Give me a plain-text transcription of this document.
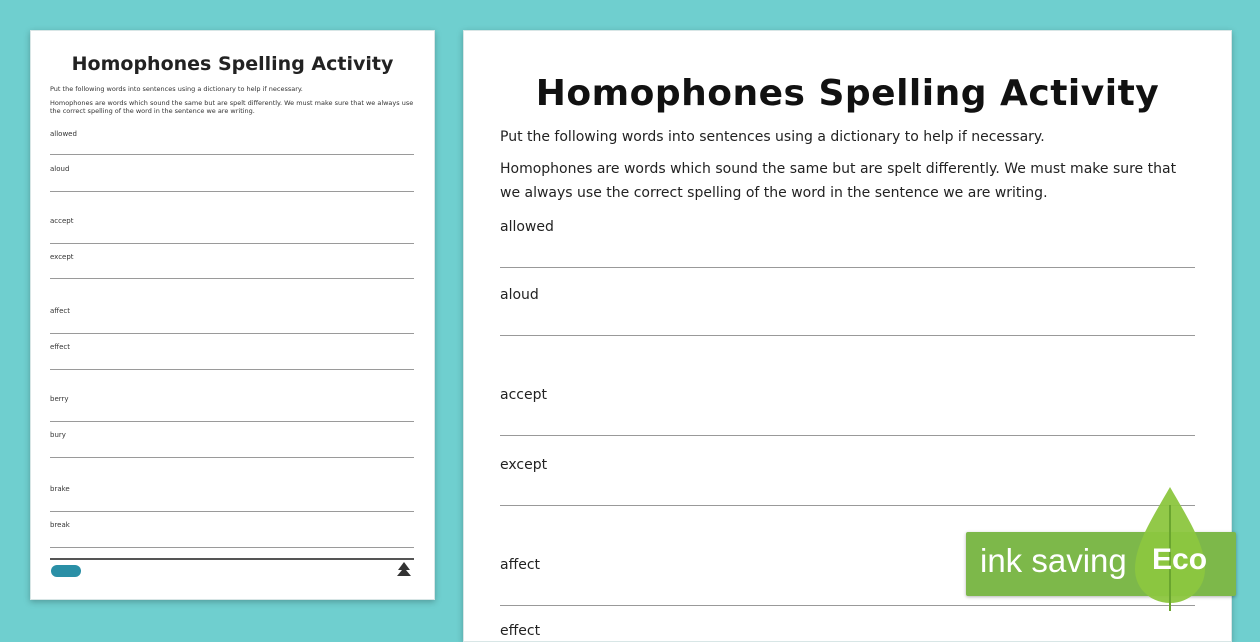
Homophones Spelling Activity
Put the following words into sentences using a dictionary to help if necessary.
Homophones are words which sound the same but are spelt differently. We must make sure that we always use the correct spelling of the word in the sentence we are writing.
allowed
aloud
accept
except
affect
effect
berry
bury
brake
break
Homophones Spelling Activity
Put the following words into sentences using a dictionary to help if necessary.
Homophones are words which sound the same but are spelt differently. We must make sure that we always use the correct spelling of the word in the sentence we are writing.
allowed
aloud
accept
except
affect
effect
ink saving Eco
